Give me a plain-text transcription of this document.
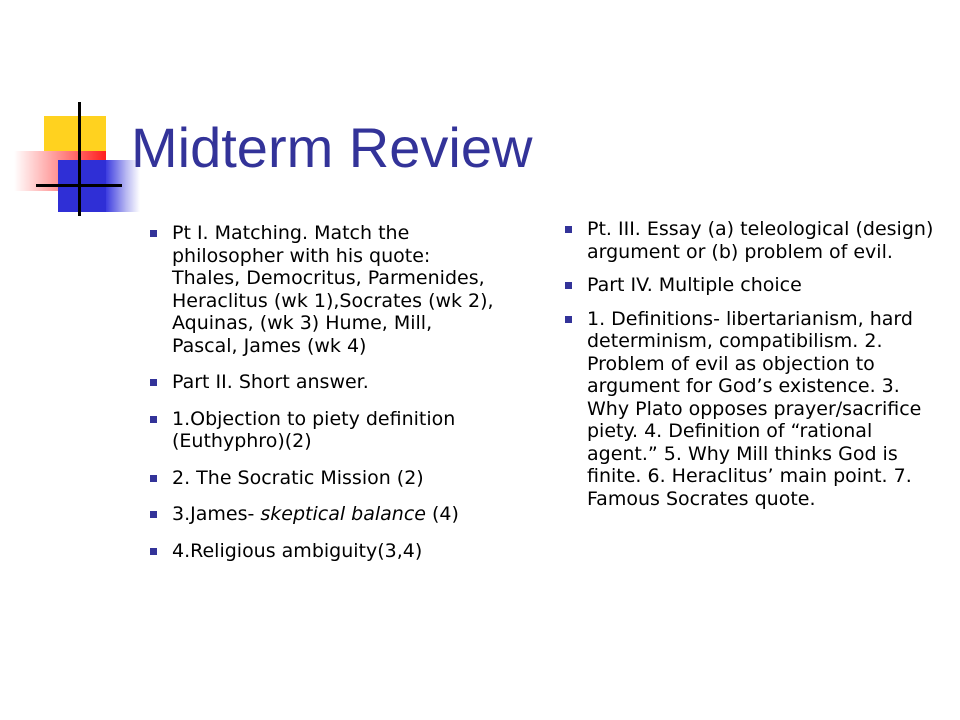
Midterm Review
Pt I. Matching. Match the philosopher with his quote: Thales, Democritus, Parmenides, Heraclitus (wk 1),Socrates (wk 2), Aquinas, (wk 3) Hume, Mill, Pascal, James (wk 4)
Part II. Short answer.
1.Objection to piety definition (Euthyphro)(2)
2. The Socratic Mission (2)
3.James- skeptical balance (4)
4.Religious ambiguity(3,4)
Pt. III. Essay (a) teleological (design) argument or (b) problem of evil.
Part IV. Multiple choice
1. Definitions- libertarianism, hard determinism, compatibilism. 2. Problem of evil as objection to argument for God’s existence. 3. Why Plato opposes prayer/sacrifice piety. 4. Definition of “rational agent.” 5. Why Mill thinks God is finite. 6. Heraclitus’ main point. 7. Famous Socrates quote.
